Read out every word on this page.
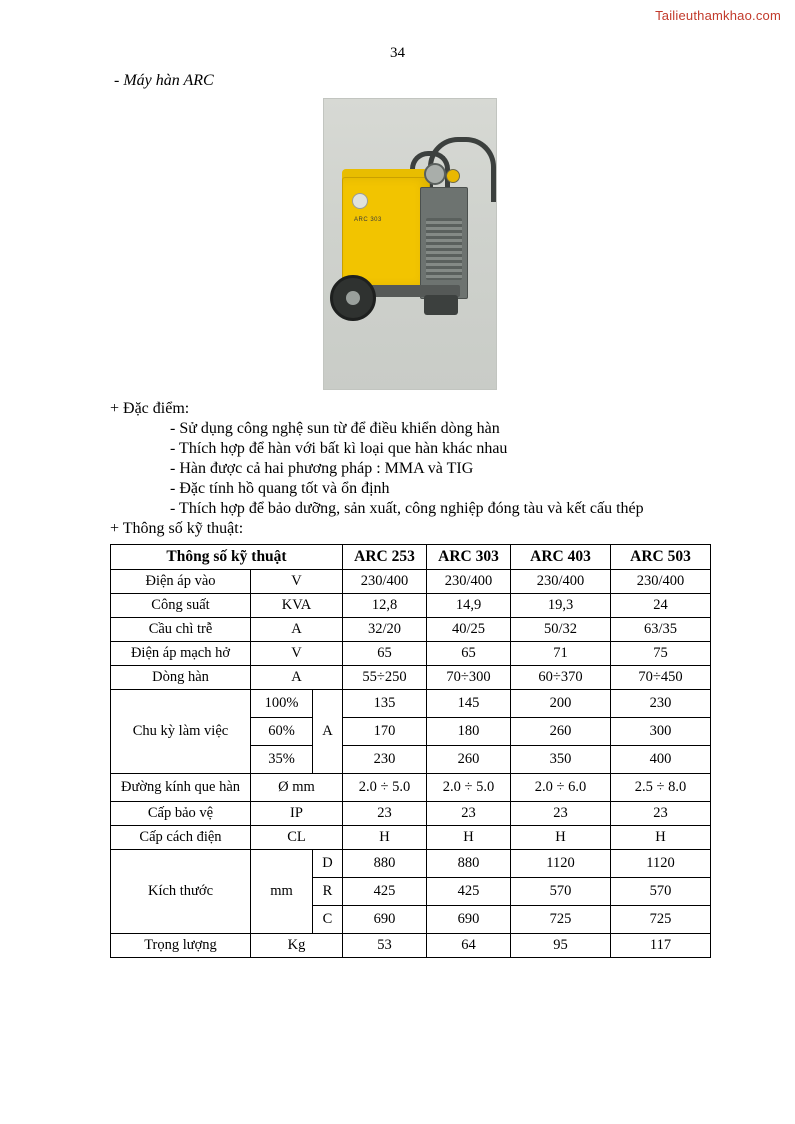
Tailieuthamkhao.com
34
- Máy hàn ARC
ARC 303
+ Đặc điểm:
- Sử dụng công nghệ sun từ để điều khiển dòng hàn
- Thích hợp để hàn với bất kì loại que hàn khác nhau
- Hàn được cả hai phương pháp : MMA và TIG
- Đặc tính hồ quang tốt và ổn định
- Thích hợp để bảo dưỡng, sản xuất, công nghiệp đóng tàu và kết cấu thép
+ Thông số kỹ thuật:
Thông số kỹ thuật			ARC 253	ARC 303	ARC 403	ARC 503
Điện áp vào	V		230/400	230/400	230/400	230/400
Công suất	KVA		12,8	14,9	19,3	24
Cầu chì trễ	A		32/20	40/25	50/32	63/35
Điện áp mạch hở	V		65	65	71	75
Dòng hàn	A		55÷250	70÷300	60÷370	70÷450
Chu kỳ làm việc	100%	A	135	145	200	230
	60%		170	180	260	300
	35%		230	260	350	400
Đường kính que hàn	Ø mm		2.0 ÷ 5.0	2.0 ÷ 5.0	2.0 ÷ 6.0	2.5 ÷ 8.0
Cấp bảo vệ	IP		23	23	23	23
Cấp cách điện	CL		H	H	H	H
Kích thước	mm	D	880	880	1120	1120
		R	425	425	570	570
		C	690	690	725	725
Trọng lượng	Kg		53	64	95	117
